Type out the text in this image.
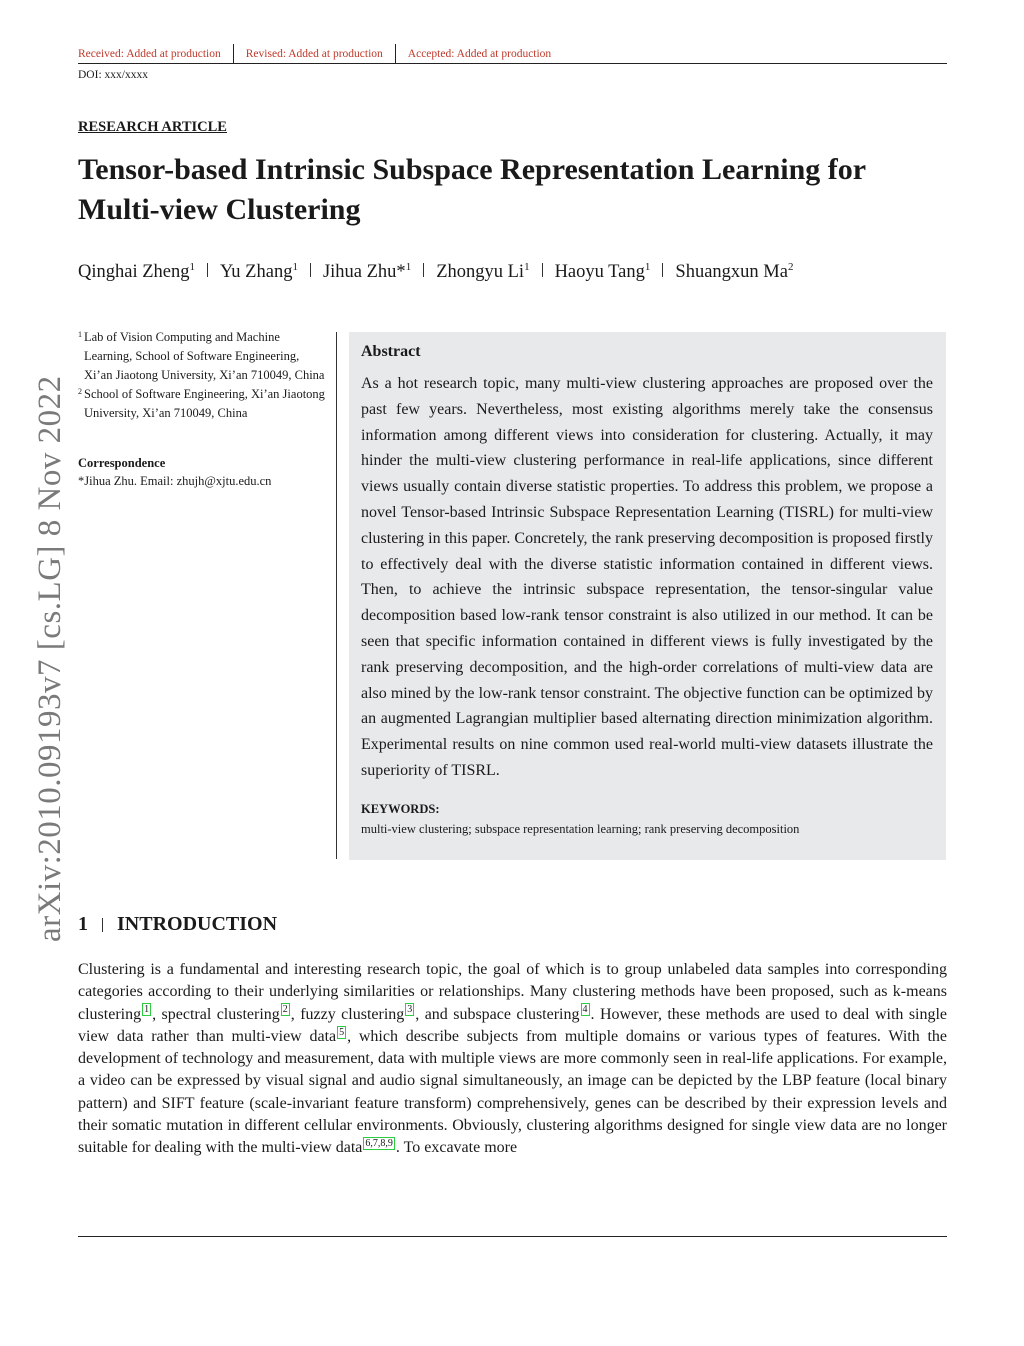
Received: Added at production	Revised: Added at production	Accepted: Added at production
DOI: xxx/xxxx
RESEARCH ARTICLE
Tensor-based Intrinsic Subspace Representation Learning for Multi-view Clustering
Qinghai Zheng$^1$ Yu Zhang$^1$ Jihua Zhu*$^1$ Zhongyu Li$^1$ Haoyu Tang$^1$ Shuangxun Ma$^2$
arXiv:2010.09193v7 [cs.LG] 8 Nov 2022
1 Lab of Vision Computing and Machine Learning, School of Software Engineering, Xi’an Jiaotong University, Xi’an 710049, China
2 School of Software Engineering, Xi’an Jiaotong University, Xi’an 710049, China
Correspondence
*Jihua Zhu. Email: zhujh@xjtu.edu.cn
Abstract
As a hot research topic, many multi-view clustering approaches are proposed over the past few years. Nevertheless, most existing algorithms merely take the consensus information among different views into consideration for clustering. Actually, it may hinder the multi-view clustering performance in real-life applications, since different views usually contain diverse statistic properties. To address this problem, we propose a novel Tensor-based Intrinsic Subspace Representation Learning (TISRL) for multi-view clustering in this paper. Concretely, the rank preserving decomposition is proposed firstly to effectively deal with the diverse statistic information contained in different views. Then, to achieve the intrinsic subspace representation, the tensor-singular value decomposition based low-rank tensor constraint is also utilized in our method. It can be seen that specific information contained in different views is fully investigated by the rank preserving decomposition, and the high-order correlations of multi-view data are also mined by the low-rank tensor constraint. The objective function can be optimized by an augmented Lagrangian multiplier based alternating direction minimization algorithm. Experimental results on nine common used real-world multi-view datasets illustrate the superiority of TISRL.
KEYWORDS:
multi-view clustering; subspace representation learning; rank preserving decomposition
1 INTRODUCTION
Clustering is a fundamental and interesting research topic, the goal of which is to group unlabeled data samples into corresponding categories according to their underlying similarities or relationships. Many clustering methods have been proposed, such as k-means clustering $^1$ , spectral clustering $^2$ , fuzzy clustering $^3$ , and subspace clustering $^4$ . However, these methods are used to deal with single view data rather than multi-view data $^5$ , which describe subjects from multiple domains or various types of features. With the development of technology and measurement, data with multiple views are more commonly seen in real-life applications. For example, a video can be expressed by visual signal and audio signal simultaneously, an image can be depicted by the LBP feature (local binary pattern) and SIFT feature (scale-invariant feature transform) comprehensively, genes can be described by their expression levels and their somatic mutation in different cellular environments. Obviously, clustering algorithms designed for single view data are no longer suitable for dealing with the multi-view data $^{6,7,8,9}$ . To excavate more
